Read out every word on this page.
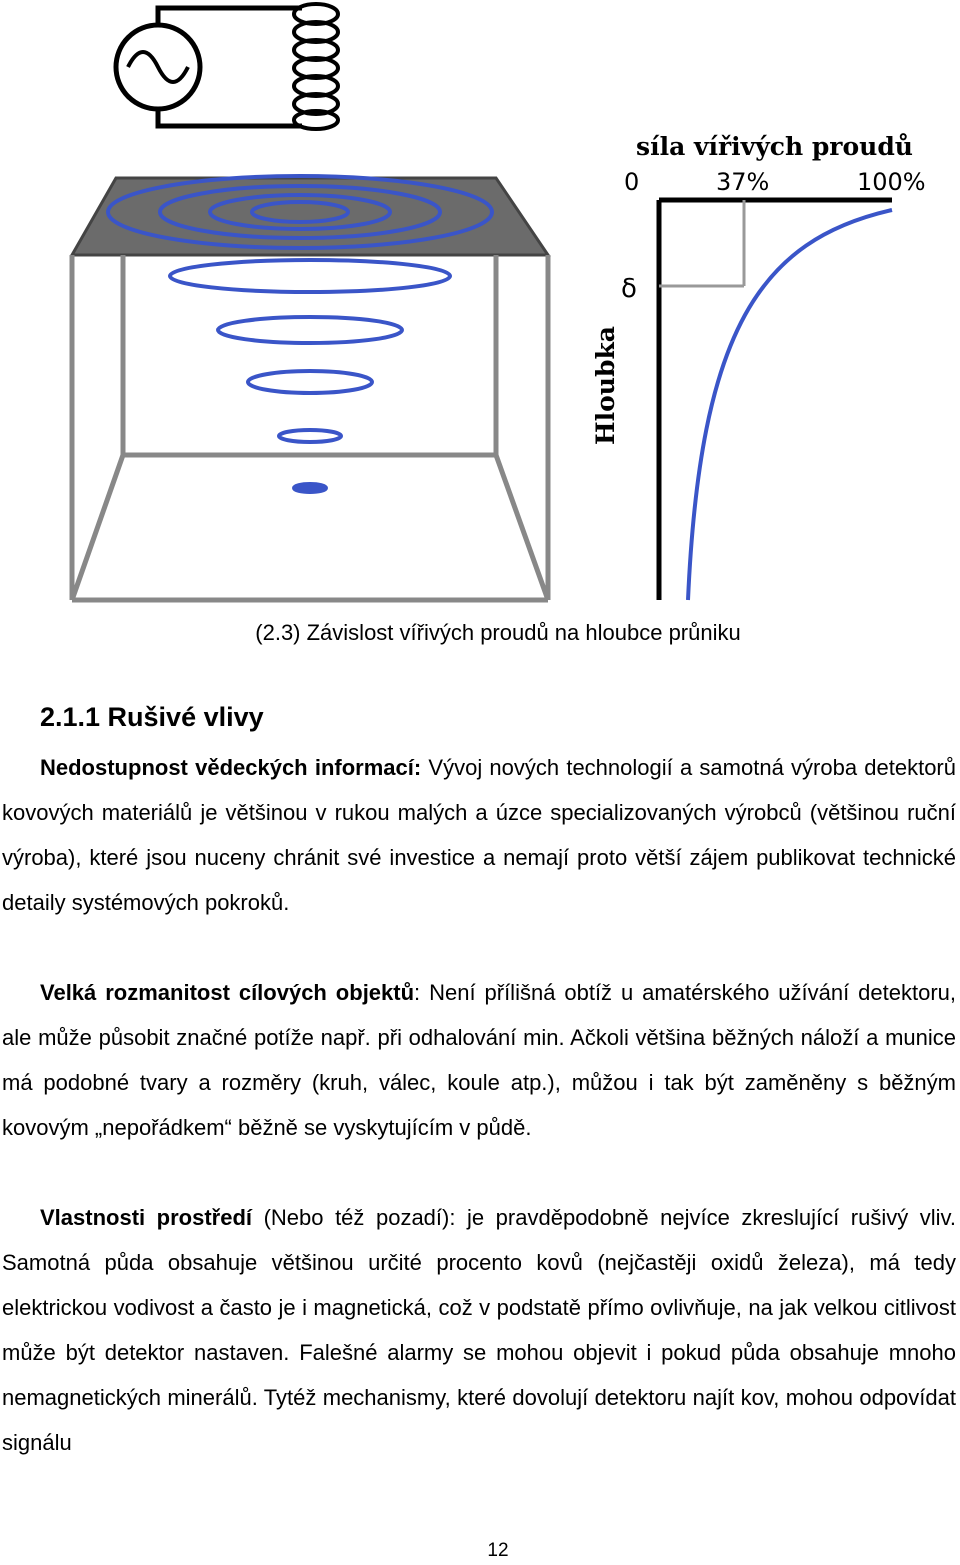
síla vířivých proudů
0	37%	100%
δ
Hloubka
(2.3) Závislost vířivých proudů na hloubce průniku
2.1.1 Rušivé vlivy

Nedostupnost vědeckých informací: Vývoj nových technologií a samotná výroba detektorů kovových materiálů je většinou v rukou malých a úzce specializovaných výrobců (většinou ruční výroba), které jsou nuceny chránit své investice a nemají proto větší zájem publikovat technické detaily systémových pokroků.

Velká rozmanitost cílových objektů: Není přílišná obtíž u amatérského užívání detektoru, ale může působit značné potíže např. při odhalování min. Ačkoli většina běžných náloží a munice má podobné tvary a rozměry (kruh, válec, koule atp.), můžou i tak být zaměněny s běžným kovovým „nepořádkem“ běžně se vyskytujícím v půdě.

Vlastnosti prostředí (Nebo též pozadí): je pravděpodobně nejvíce zkreslující rušivý vliv. Samotná půda obsahuje většinou určité procento kovů (nejčastěji oxidů železa), má tedy elektrickou vodivost a často je i magnetická, což v podstatě přímo ovlivňuje, na jak velkou citlivost může být detektor nastaven. Falešné alarmy se mohou objevit i pokud půda obsahuje mnoho nemagnetických minerálů. Tytéž mechanismy, které dovolují detektoru najít kov, mohou odpovídat signálu

12
